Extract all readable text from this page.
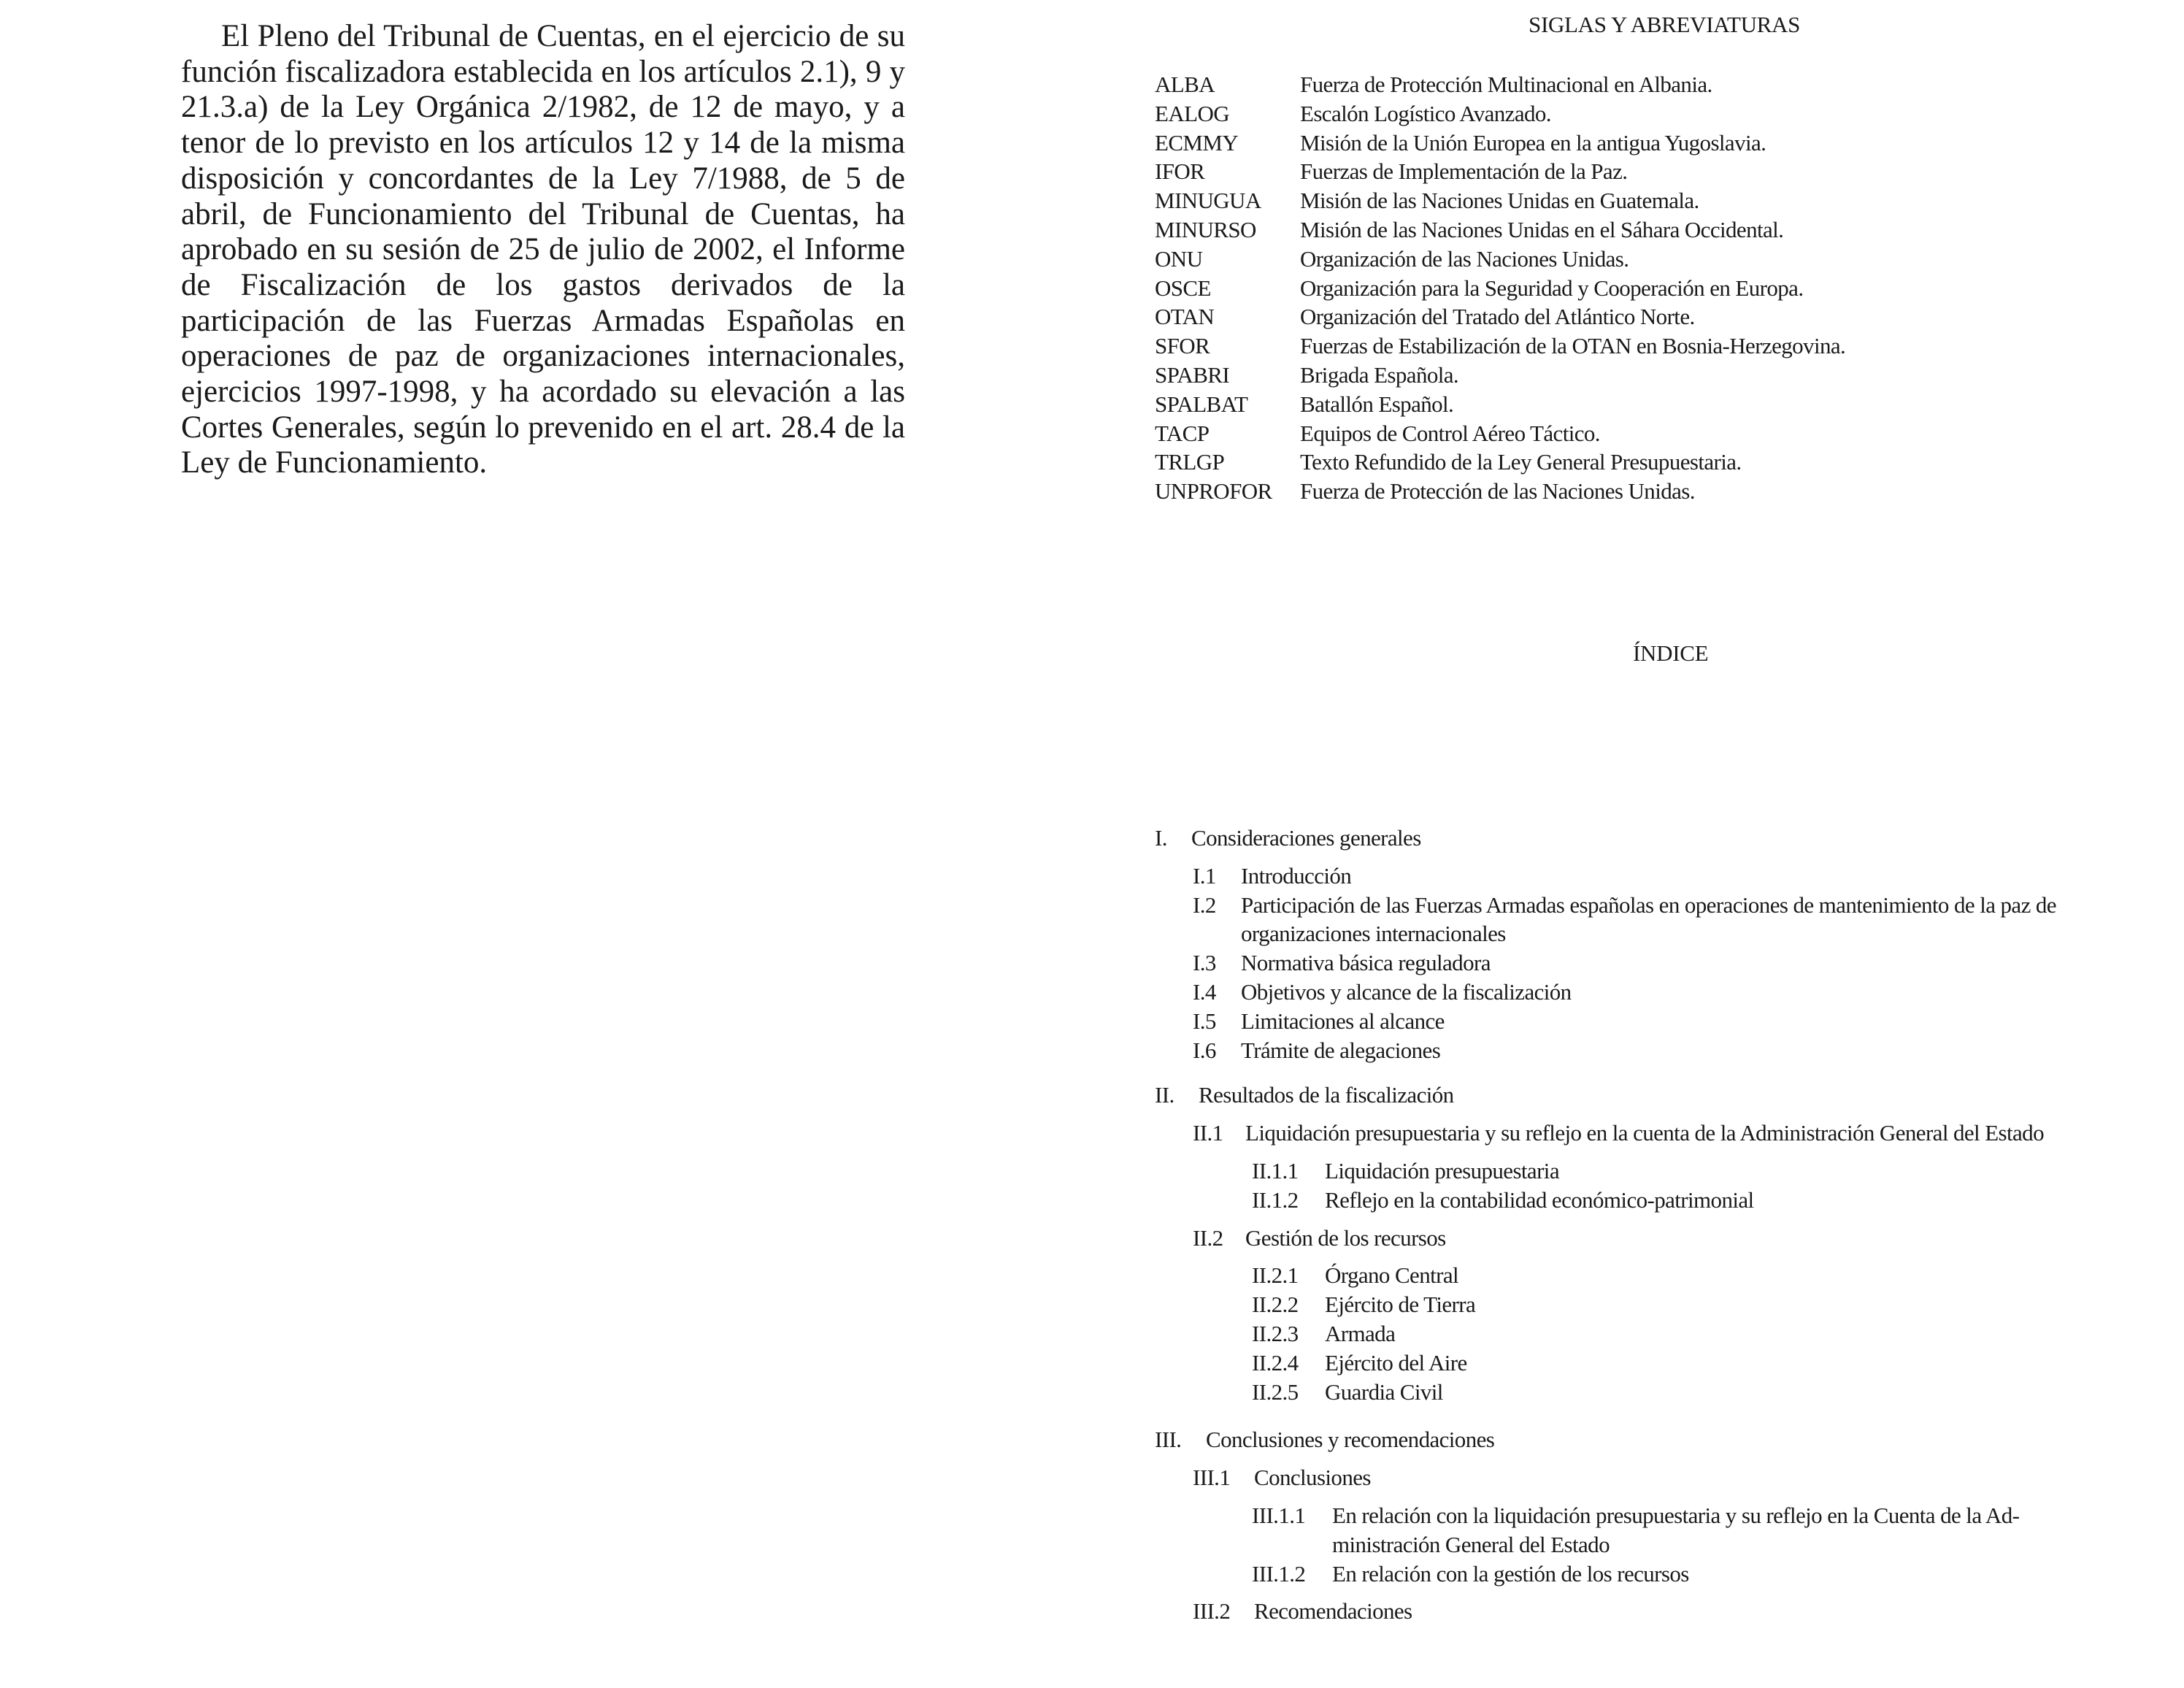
El Pleno del Tribunal de Cuentas, en el ejercicio de su función fiscalizadora establecida en los artículos 2.1), 9 y 21.3.a) de la Ley Orgánica 2/1982, de 12 de mayo, y a tenor de lo previsto en los artículos 12 y 14 de la misma disposición y concordantes de la Ley 7/1988, de 5 de abril, de Funcionamiento del Tribunal de Cuentas, ha aprobado en su sesión de 25 de julio de 2002, el Informe de Fiscalización de los gastos derivados de la participación de las Fuerzas Armadas Españolas en operaciones de paz de organizaciones internacionales, ejercicios 1997-1998, y ha acordado su elevación a las Cortes Generales, según lo prevenido en el art. 28.4 de la Ley de Funcionamiento.

SIGLAS Y ABREVIATURAS
ALBA	Fuerza de Protección Multinacional en Albania.
EALOG	Escalón Logístico Avanzado.
ECMMY	Misión de la Unión Europea en la antigua Yugoslavia.
IFOR	Fuerzas de Implementación de la Paz.
MINUGUA	Misión de las Naciones Unidas en Guatemala.
MINURSO	Misión de las Naciones Unidas en el Sáhara Occidental.
ONU	Organización de las Naciones Unidas.
OSCE	Organización para la Seguridad y Cooperación en Europa.
OTAN	Organización del Tratado del Atlántico Norte.
SFOR	Fuerzas de Estabilización de la OTAN en Bosnia-Herzegovina.
SPABRI	Brigada Española.
SPALBAT	Batallón Español.
TACP	Equipos de Control Aéreo Táctico.
TRLGP	Texto Refundido de la Ley General Presupuestaria.
UNPROFOR	Fuerza de Protección de las Naciones Unidas.
ÍNDICE
I.	Consideraciones generales
I.1	Introducción
I.2	Participación de las Fuerzas Armadas españolas en operaciones de mantenimiento de la paz de organizaciones internacionales
I.3	Normativa básica reguladora
I.4	Objetivos y alcance de la fiscalización
I.5	Limitaciones al alcance
I.6	Trámite de alegaciones
II.	Resultados de la fiscalización
II.1 Liquidación presupuestaria y su reflejo en la cuenta de la Administración General del Estado
II.1.1	Liquidación presupuestaria
II.1.2	Reflejo en la contabilidad económico-patrimonial
II.2 Gestión de los recursos
II.2.1	Órgano Central
II.2.2	Ejército de Tierra
II.2.3	Armada
II.2.4	Ejército del Aire
II.2.5	Guardia Civil
III.	Conclusiones y recomendaciones
III.1	Conclusiones
III.1.1	En relación con la liquidación presupuestaria y su reflejo en la Cuenta de la Administración General del Estado
III.1.2	En relación con la gestión de los recursos
III.2	Recomendaciones
